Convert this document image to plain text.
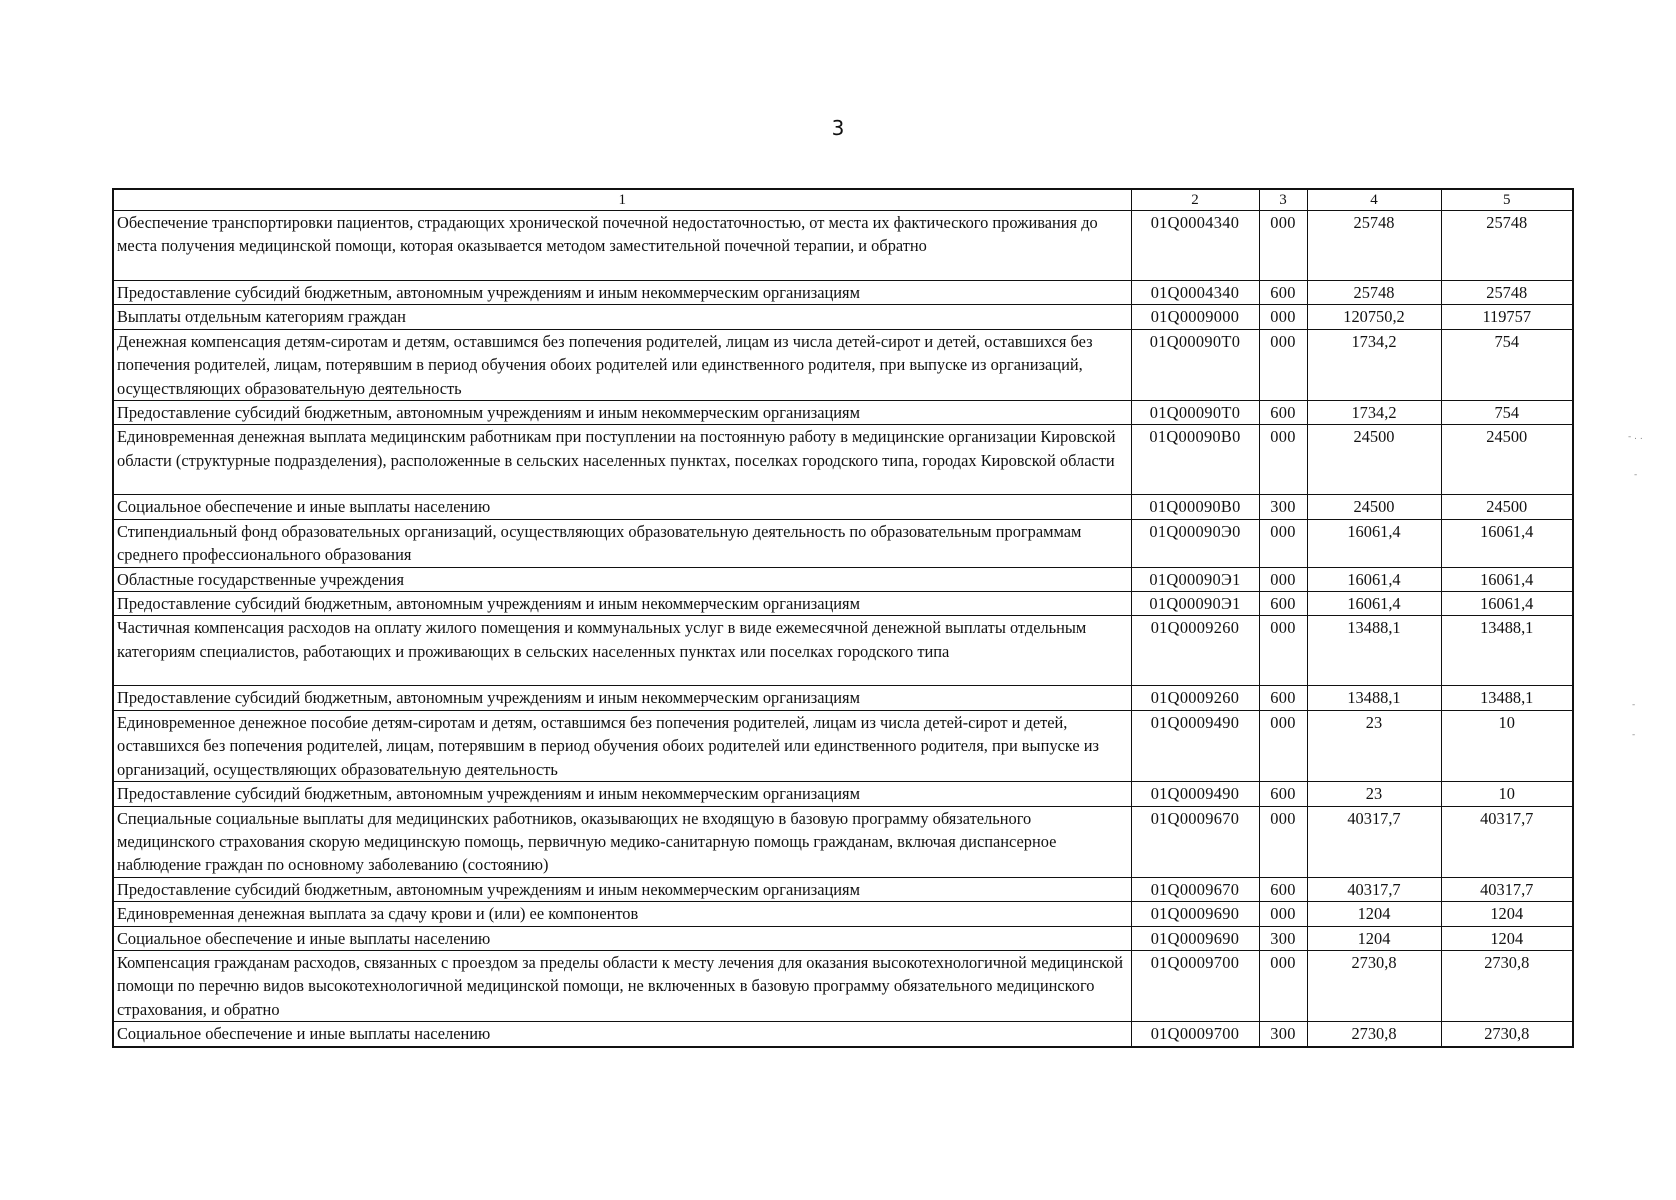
3
1	2	3	4	5
Обеспечение транспортировки пациентов, страдающих хронической почечной недостаточностью, от места их фактического проживания до места получения медицинской помощи, которая оказывается методом заместительной почечной терапии, и обратно	01Q0004340	000	25748	25748
Предоставление субсидий бюджетным, автономным учреждениям и иным некоммерческим организациям	01Q0004340	600	25748	25748
Выплаты отдельным категориям граждан	01Q0009000	000	120750,2	119757
Денежная компенсация детям-сиротам и детям, оставшимся без попечения родителей, лицам из числа детей-сирот и детей, оставшихся без попечения родителей, лицам, потерявшим в период обучения обоих родителей или единственного родителя, при выпуске из организаций, осуществляющих образовательную деятельность	01Q00090Т0	000	1734,2	754
Предоставление субсидий бюджетным, автономным учреждениям и иным некоммерческим организациям	01Q00090Т0	600	1734,2	754
Единовременная денежная выплата медицинским работникам при поступлении на постоянную работу в медицинские организации Кировской области (структурные подразделения), расположенные в сельских населенных пунктах, поселках городского типа, городах Кировской области	01Q00090В0	000	24500	24500
Социальное обеспечение и иные выплаты населению	01Q00090В0	300	24500	24500
Стипендиальный фонд образовательных организаций, осуществляющих образовательную деятельность по образовательным программам среднего профессионального образования	01Q00090Э0	000	16061,4	16061,4
Областные государственные учреждения	01Q00090Э1	000	16061,4	16061,4
Предоставление субсидий бюджетным, автономным учреждениям и иным некоммерческим организациям	01Q00090Э1	600	16061,4	16061,4
Частичная компенсация расходов на оплату жилого помещения и коммунальных услуг в виде ежемесячной денежной выплаты отдельным категориям специалистов, работающих и проживающих в сельских населенных пунктах или поселках городского типа	01Q0009260	000	13488,1	13488,1
Предоставление субсидий бюджетным, автономным учреждениям и иным некоммерческим организациям	01Q0009260	600	13488,1	13488,1
Единовременное денежное пособие детям-сиротам и детям, оставшимся без попечения родителей, лицам из числа детей-сирот и детей, оставшихся без попечения родителей, лицам, потерявшим в период обучения обоих родителей или единственного родителя, при выпуске из организаций, осуществляющих образовательную деятельность	01Q0009490	000	23	10
Предоставление субсидий бюджетным, автономным учреждениям и иным некоммерческим организациям	01Q0009490	600	23	10
Специальные социальные выплаты для медицинских работников, оказывающих не входящую в базовую программу обязательного медицинского страхования скорую медицинскую помощь, первичную медико-санитарную помощь гражданам, включая диспансерное наблюдение граждан по основному заболеванию (состоянию)	01Q0009670	000	40317,7	40317,7
Предоставление субсидий бюджетным, автономным учреждениям и иным некоммерческим организациям	01Q0009670	600	40317,7	40317,7
Единовременная денежная выплата за сдачу крови и (или) ее компонентов	01Q0009690	000	1204	1204
Социальное обеспечение и иные выплаты населению	01Q0009690	300	1204	1204
Компенсация гражданам расходов, связанных с проездом за пределы области к месту лечения для оказания высокотехнологичной медицинской помощи по перечню видов высокотехнологичной медицинской помощи, не включенных в базовую программу обязательного медицинского страхования, и обратно	01Q0009700	000	2730,8	2730,8
Социальное обеспечение и иные выплаты населению	01Q0009700	300	2730,8	2730,8
- . .
-
-
-
